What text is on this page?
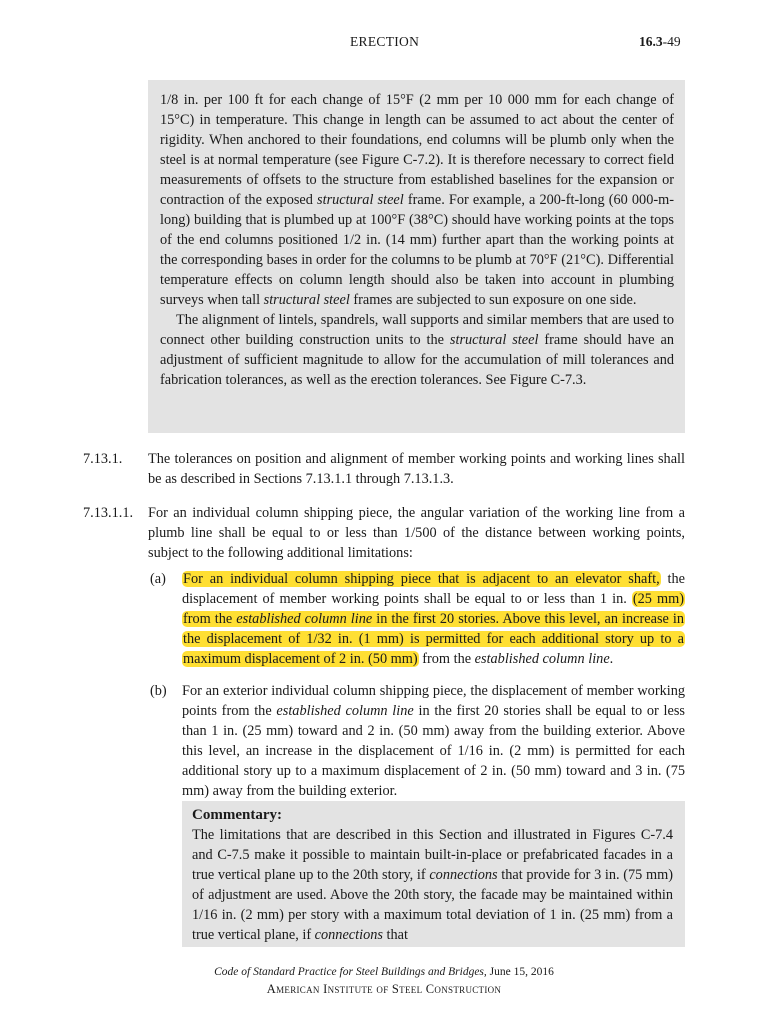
ERECTION	16.3-49

1/8 in. per 100 ft for each change of 15°F (2 mm per 10 000 mm for each change of 15°C) in temperature. This change in length can be assumed to act about the center of rigidity. When anchored to their foundations, end columns will be plumb only when the steel is at normal temperature (see Figure C-7.2). It is therefore necessary to correct field measurements of offsets to the structure from established baselines for the expansion or contraction of the exposed structural steel frame. For example, a 200-ft-long (60 000-m-long) building that is plumbed up at 100°F (38°C) should have working points at the tops of the end columns positioned 1/2 in. (14 mm) further apart than the working points at the corresponding bases in order for the columns to be plumb at 70°F (21°C). Differential temperature effects on column length should also be taken into account in plumbing surveys when tall structural steel frames are subjected to sun exposure on one side.

The alignment of lintels, spandrels, wall supports and similar members that are used to connect other building construction units to the structural steel frame should have an adjustment of sufficient magnitude to allow for the accumulation of mill tolerances and fabrication tolerances, as well as the erection tolerances. See Figure C-7.3.

7.13.1. The tolerances on position and alignment of member working points and working lines shall be as described in Sections 7.13.1.1 through 7.13.1.3.
7.13.1.1. For an individual column shipping piece, the angular variation of the working line from a plumb line shall be equal to or less than 1/500 of the distance between working points, subject to the following additional limitations:
(a) For an individual column shipping piece that is adjacent to an elevator shaft, the displacement of member working points shall be equal to or less than 1 in. (25 mm) from the established column line in the first 20 stories. Above this level, an increase in the displacement of 1/32 in. (1 mm) is permitted for each additional story up to a maximum displacement of 2 in. (50 mm) from the established column line.
(b) For an exterior individual column shipping piece, the displacement of member working points from the established column line in the first 20 stories shall be equal to or less than 1 in. (25 mm) toward and 2 in. (50 mm) away from the building exterior. Above this level, an increase in the displacement of 1/16 in. (2 mm) is permitted for each additional story up to a maximum displacement of 2 in. (50 mm) toward and 3 in. (75 mm) away from the building exterior.
Commentary:
The limitations that are described in this Section and illustrated in Figures C-7.4 and C-7.5 make it possible to maintain built-in-place or prefabricated facades in a true vertical plane up to the 20th story, if connections that provide for 3 in. (75 mm) of adjustment are used. Above the 20th story, the facade may be maintained within 1/16 in. (2 mm) per story with a maximum total deviation of 1 in. (25 mm) from a true vertical plane, if connections that
Code of Standard Practice for Steel Buildings and Bridges, June 15, 2016
American Institute of Steel Construction
